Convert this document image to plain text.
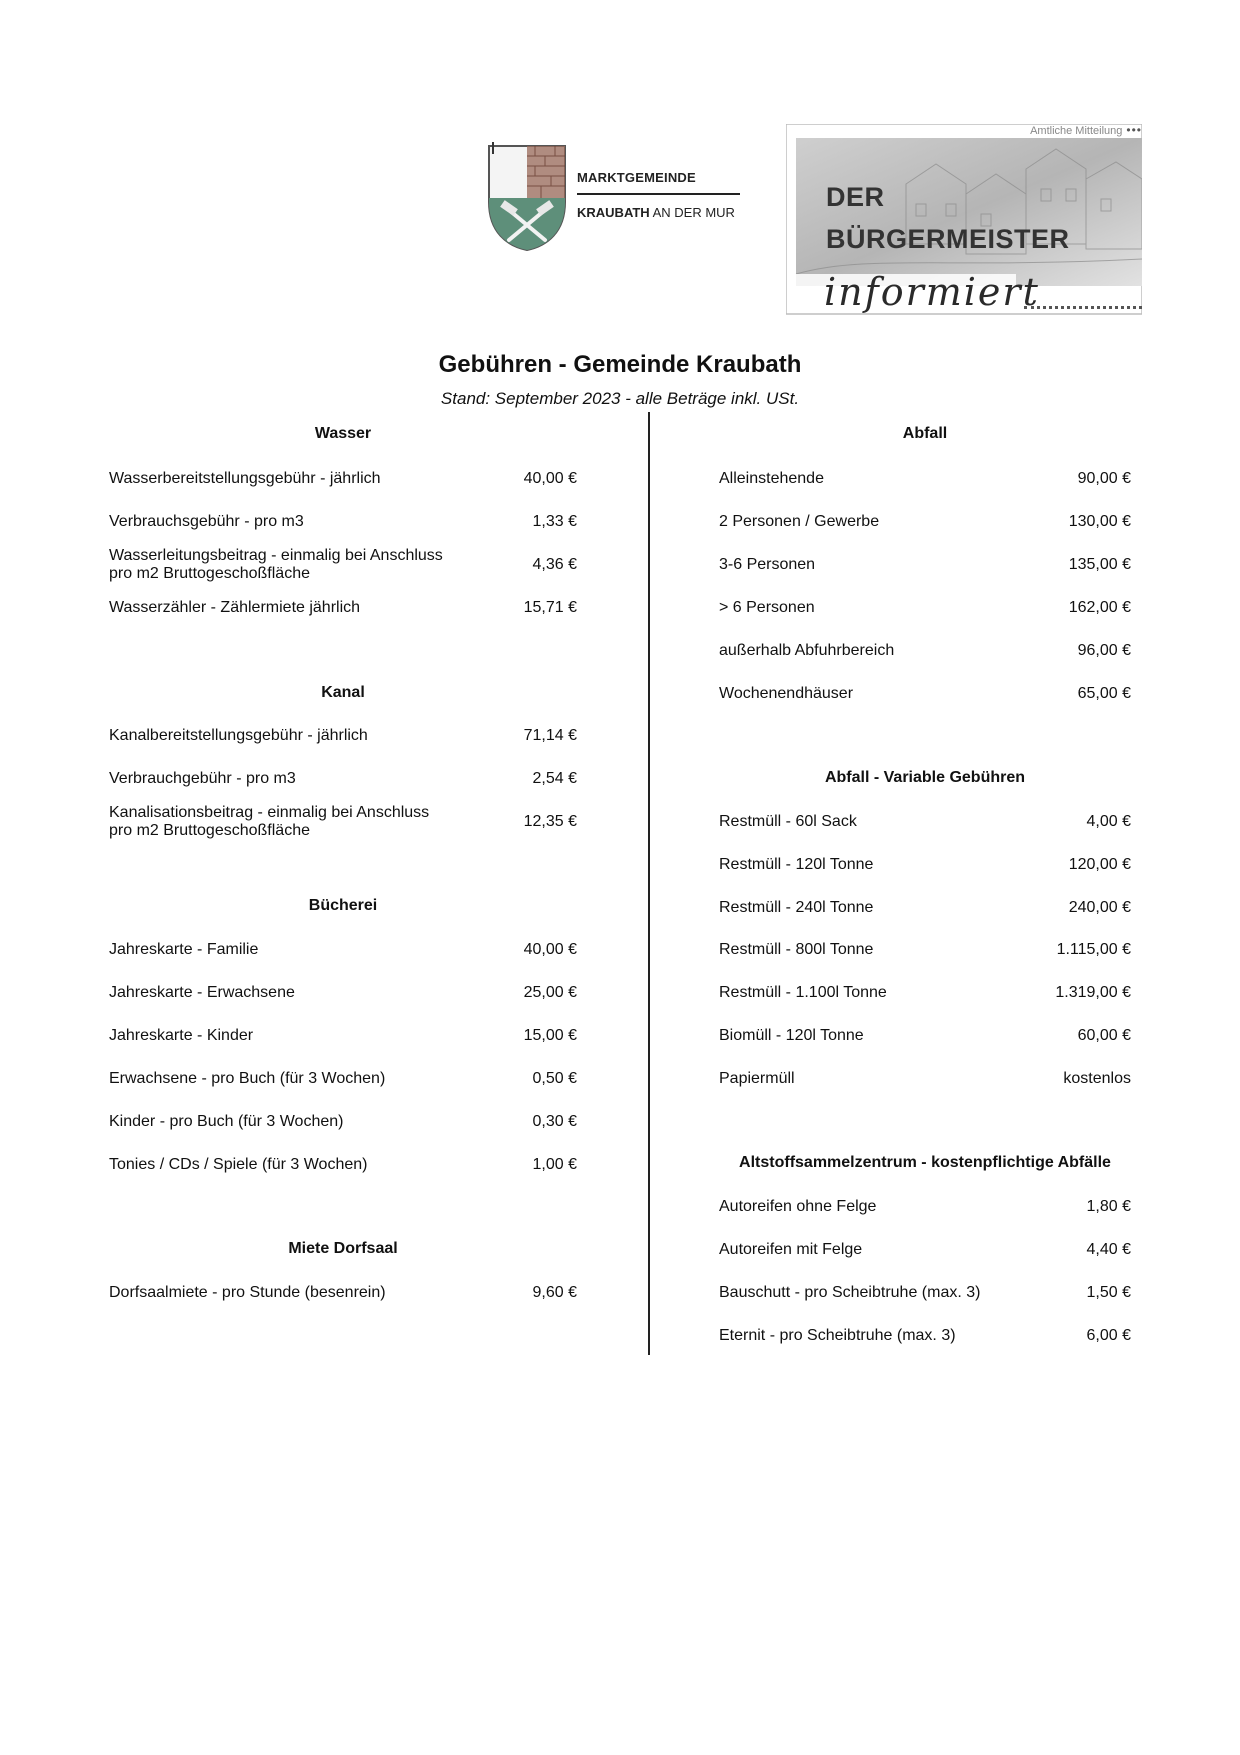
MARKTGEMEINDE
KRAUBATH AN DER MUR
Amtliche Mitteilung •••
DER
BÜRGERMEISTER
informiert
Gebühren - Gemeinde Kraubath
Stand: September 2023 - alle Beträge inkl. USt.
Wasser
Wasserbereitstellungsgebühr - jährlich	40,00 €
Verbrauchsgebühr - pro m3	1,33 €
Wasserleitungsbeitrag - einmalig bei Anschluss
pro m2 Bruttogeschoßfläche
4,36 €
Wasserzähler - Zählermiete jährlich	15,71 €
Kanal
Kanalbereitstellungsgebühr - jährlich	71,14 €
Verbrauchgebühr - pro m3	2,54 €
Kanalisationsbeitrag - einmalig bei Anschluss
pro m2 Bruttogeschoßfläche
12,35 €
Bücherei
Jahreskarte - Familie	40,00 €
Jahreskarte - Erwachsene	25,00 €
Jahreskarte - Kinder	15,00 €
Erwachsene - pro Buch (für 3 Wochen)	0,50 €
Kinder - pro Buch (für 3 Wochen)	0,30 €
Tonies / CDs / Spiele (für 3 Wochen)	1,00 €
Miete Dorfsaal
Dorfsaalmiete - pro Stunde (besenrein)	9,60 €
Abfall
Alleinstehende	90,00 €
2 Personen / Gewerbe	130,00 €
3-6 Personen	135,00 €
> 6 Personen	162,00 €
außerhalb Abfuhrbereich	96,00 €
Wochenendhäuser	65,00 €
Abfall - Variable Gebühren
Restmüll - 60l Sack	4,00 €
Restmüll - 120l Tonne	120,00 €
Restmüll - 240l Tonne	240,00 €
Restmüll - 800l Tonne	1.115,00 €
Restmüll - 1.100l Tonne	1.319,00 €
Biomüll - 120l Tonne	60,00 €
Papiermüll	kostenlos
Altstoffsammelzentrum - kostenpflichtige Abfälle
Autoreifen ohne Felge	1,80 €
Autoreifen mit Felge	4,40 €
Bauschutt - pro Scheibtruhe (max. 3)	1,50 €
Eternit - pro Scheibtruhe (max. 3)	6,00 €
